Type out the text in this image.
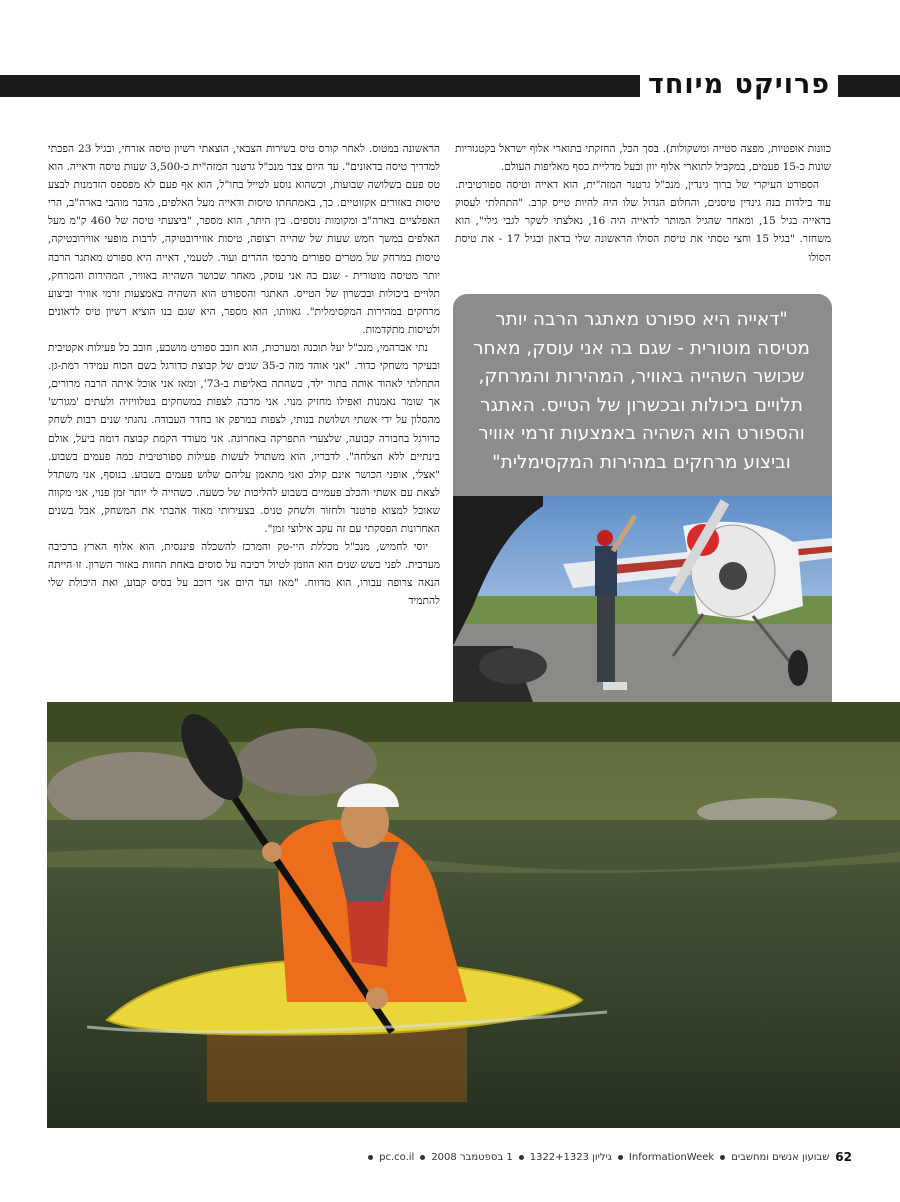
פרויקט מיוחד

כוונות אופטיות, מפצה סטייה ומשקולות). בסך הכל, החזקתי בתוארי אלוף ישראל בקטגוריות שונות כ-15 פעמים, במקביל לתוארי אלוף יוון ובעל מדליית כסף מאליפות העולם.

הספורט העיקרי של ברוך גינדין, מנכ"ל גרטנר המזה"ית, הוא דאייה וטיסה ספורטיבית. עוד בילדות בנה גינדין טיסנים, והחלום הגדול שלו היה להיות טייס קרב. "התחלתי לעסוק בדאייה בגיל 15, ומאחר שהגיל המותר לדאייה היה 16, נאלצתי לשקר לגבי גילי", הוא משחזר. "בגיל 15 וחצי טסתי את טיסת הסולו הראשונה שלי בדאון ובגיל 17 - את טיסת הסולו

הראשונה במטוס. לאחר קורס טיס בשירות הצבאי, הוצאתי רשיון טיסה אזרחי, ובגיל 23 הפכתי למדריך טיסה בדאונים". עד היום צבר מנכ"ל גרטנר המזה"ית כ-3,500 שעות טיסה ודאייה. הוא טס פעם בשלושה שבועות, וכשהוא נוסע לטייל בחו"ל, הוא אף פעם לא מפספס הזדמנות לבצע טיסות באזורים אקזוטיים. כך, באמתחתו טיסות ודאייה מעל האלפים, מדבר מוהבי בארה"ב, הרי האפלציים בארה"ב ומקומות נוספים. בין היתר, הוא מספר, "ביצעתי טיסה של 460 ק"מ מעל האלפים במשך חמש שעות של שהייה רצופה, טיסות אווירובטיקה, לרבות מופעי אווירובטיקה, טיסות במרחק של מטרים ספורים מרכסי ההרים ועוד. לטעמי, דאייה היא ספורט מאתגר הרבה יותר מטיסה מוטורית - שגם בה אני עוסק, מאחר שכושר השהייה באוויר, המהירות והמרחק, תלויים ביכולות ובכשרון של הטייס. האתגר והספורט הוא השהיה באמצעות זרמי אוויר וביצוע מרחקים במהירות המקסימלית". גאוותו, הוא מספר, היא שגם בנו הוציא רשיון טיס לדאונים ולטיסות מתקדמות.

נתי אברהמי, מנכ"ל יעל תוכנה ומערכות, הוא חובב ספורט מושבע, חובב כל פעילות אקטיבית ובעיקר משחקי כדור. "אני אוהד מזה כ-35 שנים של קבוצת כדורגל בשם הכוח עמידר רמת-גן. התחלתי לאהוד אותה בתור ילד, כשהתה באליפות ב-73', ומאז אני אוכל איתה הרבה מרורים, אך שומר נאמנות ואפילו מחזיק מנוי. אני מרבה לצפות במשחקים בטלוויזיה ולעתים 'מגורש' מהסלון על ידי אשתי ושלושת בנותי, לצפות במרפק או בחדר העבודה. נהגתי שנים רבות לשחק כדורגל בחבורה קבועה, שלצערי התפרקה באחרונה. אני מעודד הקמת קבוצה דומה ביעל, אולם בינתיים ללא הצלחה". לדבריו, הוא משתדל לעשות פעילות ספורטיבית כמה פעמים בשבוע. "אצלי, אופני הכושר אינם קולב ואני מתאמן עליהם שלוש פעמים בשבוע. בנוסף, אני משתדל לצאת עם אשתי והכלב פעמיים בשבוע להליכות של כשעה. כשהייה לי יותר זמן פנוי, אני מקווה שאוכל למצוא פרטנר ולחזור ולשחק טניס. בצעירותי מאוד אהבתי את המשחק, אבל בשנים האחרונות הפסקתי עם זה עקב אילוצי זמן".

יוסי לחמיש, מנכ"ל מכללת היי-טק והמרכז להשכלה פיננסית, הוא אלוף הארץ ברכיבה מערבית. לפני כשש שנים הוא הוזמן לטיול רכיבה על סוסים באחת החוות באזור השרון. זו הייתה הנאה צרופה עבורו, הוא מדווח. "מאז ועד היום אני רוכב על בסיס קבוע, ואת היכולת שלי להתמיד

"דאייה היא ספורט מאתגר הרבה יותר מטיסה מוטורית - שגם בה אני עוסק, מאחר שכושר השהייה באוויר, המהירות והמרחק, תלויים ביכולות ובכשרון של הטייס. האתגר והספורט הוא השהיה באמצעות זרמי אוויר וביצוע מרחקים במהירות המקסימלית"
62
שבועון אנשים ומחשבים
InformationWeek
גיליון 1322+1323
1 בספטמבר 2008
pc.co.il
